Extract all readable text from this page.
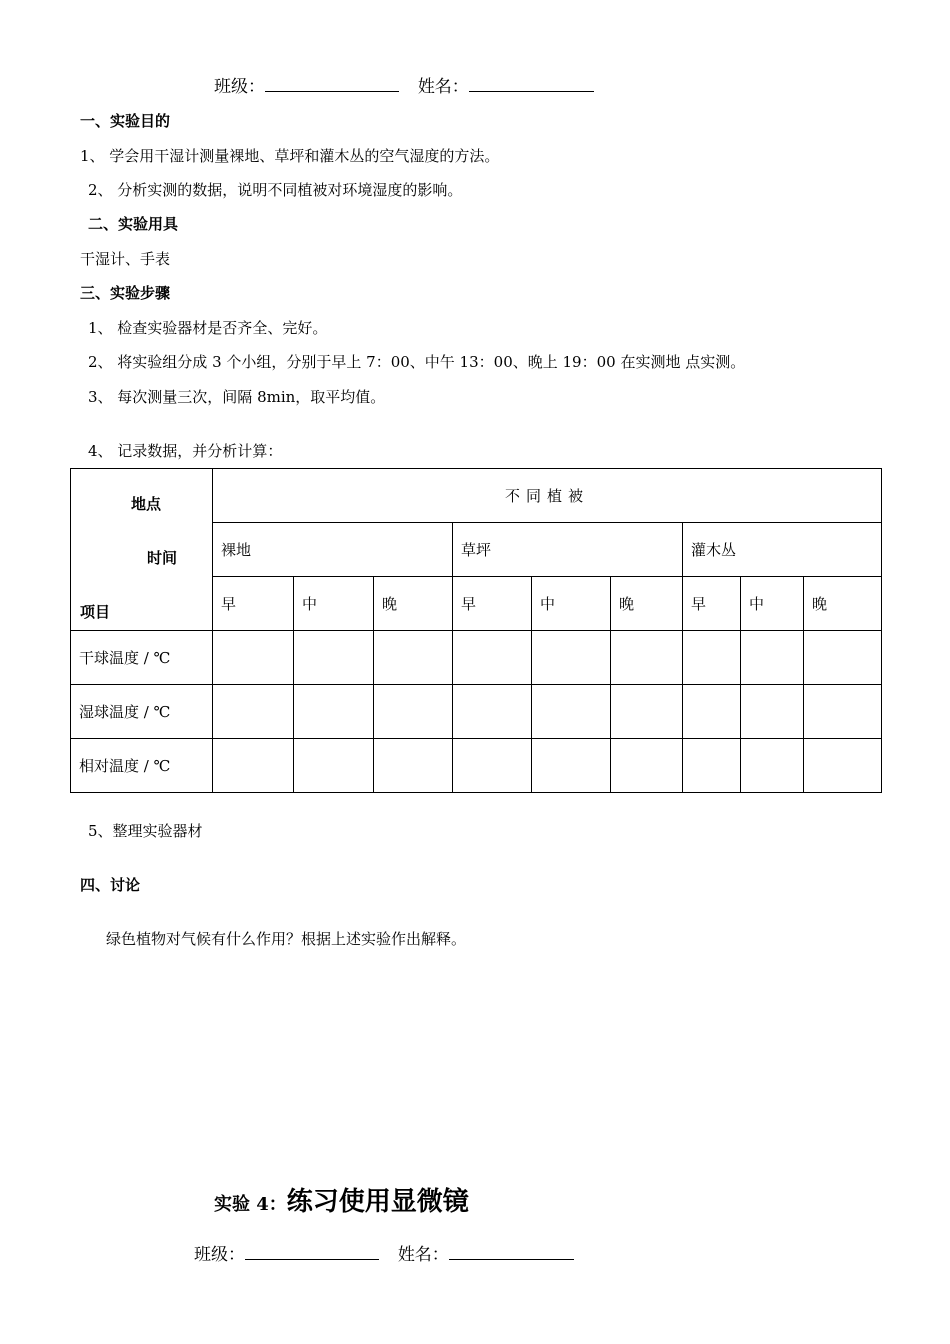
班级：	姓名：
一、实验目的
1、 学会用干湿计测量裸地、草坪和灌木丛的空气湿度的方法。
2、 分析实测的数据，说明不同植被对环境湿度的影响。
二、实验用具
干湿计、手表
三、实验步骤
1、 检查实验器材是否齐全、完好。
2、 将实验组分成 3 个小组，分别于早上 7：00、中午 13：00、晚上 19：00 在实测地 点实测。
3、 每次测量三次，间隔 8min，取平均值。
4、 记录数据，并分析计算：
地点
时间
项目	不同植被								
	裸地			草坪			灌木丛		
	早	中	晚	早	中	晚	早	中	晚
干球温度 / ℃									
湿球温度 / ℃									
相对温度 / ℃									
5、整理实验器材
四、讨论
绿色植物对气候有什么作用？根据上述实验作出解释。
实验 4：练习使用显微镜
班级：	姓名：
